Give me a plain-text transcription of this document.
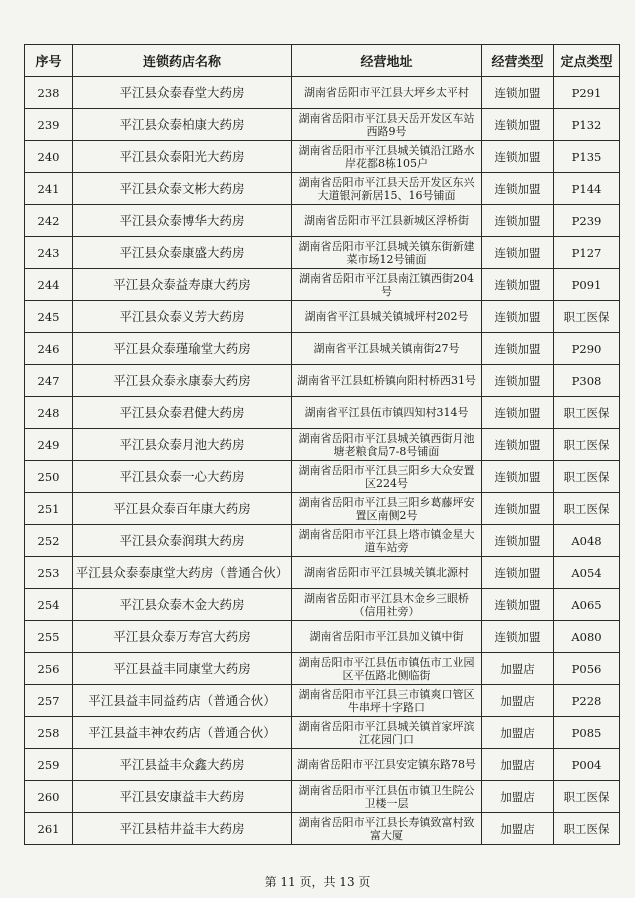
序号	连锁药店名称	经营地址	经营类型	定点类型
238	平江县众泰春堂大药房	湖南省岳阳市平江县大坪乡太平村	连锁加盟	P291
239	平江县众泰柏康大药房	湖南省岳阳市平江县天岳开发区车站西路9号	连锁加盟	P132
240	平江县众泰阳光大药房	湖南省岳阳市平江县城关镇沿江路水岸花都8栋105户	连锁加盟	P135
241	平江县众泰文彬大药房	湖南省岳阳市平江县天岳开发区东兴大道银河新居15、16号铺面	连锁加盟	P144
242	平江县众泰博华大药房	湖南省岳阳市平江县新城区浮桥街	连锁加盟	P239
243	平江县众泰康盛大药房	湖南省岳阳市平江县城关镇东街新建菜市场12号铺面	连锁加盟	P127
244	平江县众泰益寿康大药房	湖南省岳阳市平江县南江镇西街204号	连锁加盟	P091
245	平江县众泰义芳大药房	湖南省平江县城关镇城坪村202号	连锁加盟	职工医保
246	平江县众泰瑾瑜堂大药房	湖南省平江县城关镇南街27号	连锁加盟	P290
247	平江县众泰永康泰大药房	湖南省平江县虹桥镇向阳村桥西31号	连锁加盟	P308
248	平江县众泰君健大药房	湖南省平江县伍市镇四知村314号	连锁加盟	职工医保
249	平江县众泰月池大药房	湖南省岳阳市平江县城关镇西街月池塘老粮食局7-8号铺面	连锁加盟	职工医保
250	平江县众泰一心大药房	湖南省岳阳市平江县三阳乡大众安置区224号	连锁加盟	职工医保
251	平江县众泰百年康大药房	湖南省岳阳市平江县三阳乡葛藤坪安置区南侧2号	连锁加盟	职工医保
252	平江县众泰润琪大药房	湖南省岳阳市平江县上塔市镇金星大道车站旁	连锁加盟	A048
253	平江县众泰泰康堂大药房（普通合伙）	湖南省岳阳市平江县城关镇北源村	连锁加盟	A054
254	平江县众泰木金大药房	湖南省岳阳市平江县木金乡三眼桥（信用社旁）	连锁加盟	A065
255	平江县众泰万寿宫大药房	湖南省岳阳市平江县加义镇中街	连锁加盟	A080
256	平江县益丰同康堂大药房	湖南岳阳市平江县伍市镇伍市工业园区平伍路北侧临街	加盟店	P056
257	平江县益丰同益药店（普通合伙）	湖南省岳阳市平江县三市镇爽口管区牛串坪十字路口	加盟店	P228
258	平江县益丰神农药店（普通合伙）	湖南省岳阳市平江县城关镇首家坪滨江花园门口	加盟店	P085
259	平江县益丰众鑫大药房	湖南省岳阳市平江县安定镇东路78号	加盟店	P004
260	平江县安康益丰大药房	湖南省岳阳市平江县伍市镇卫生院公卫楼一层	加盟店	职工医保
261	平江县桔井益丰大药房	湖南省岳阳市平江县长寿镇致富村致富大厦	加盟店	职工医保
第 11 页，共 13 页
